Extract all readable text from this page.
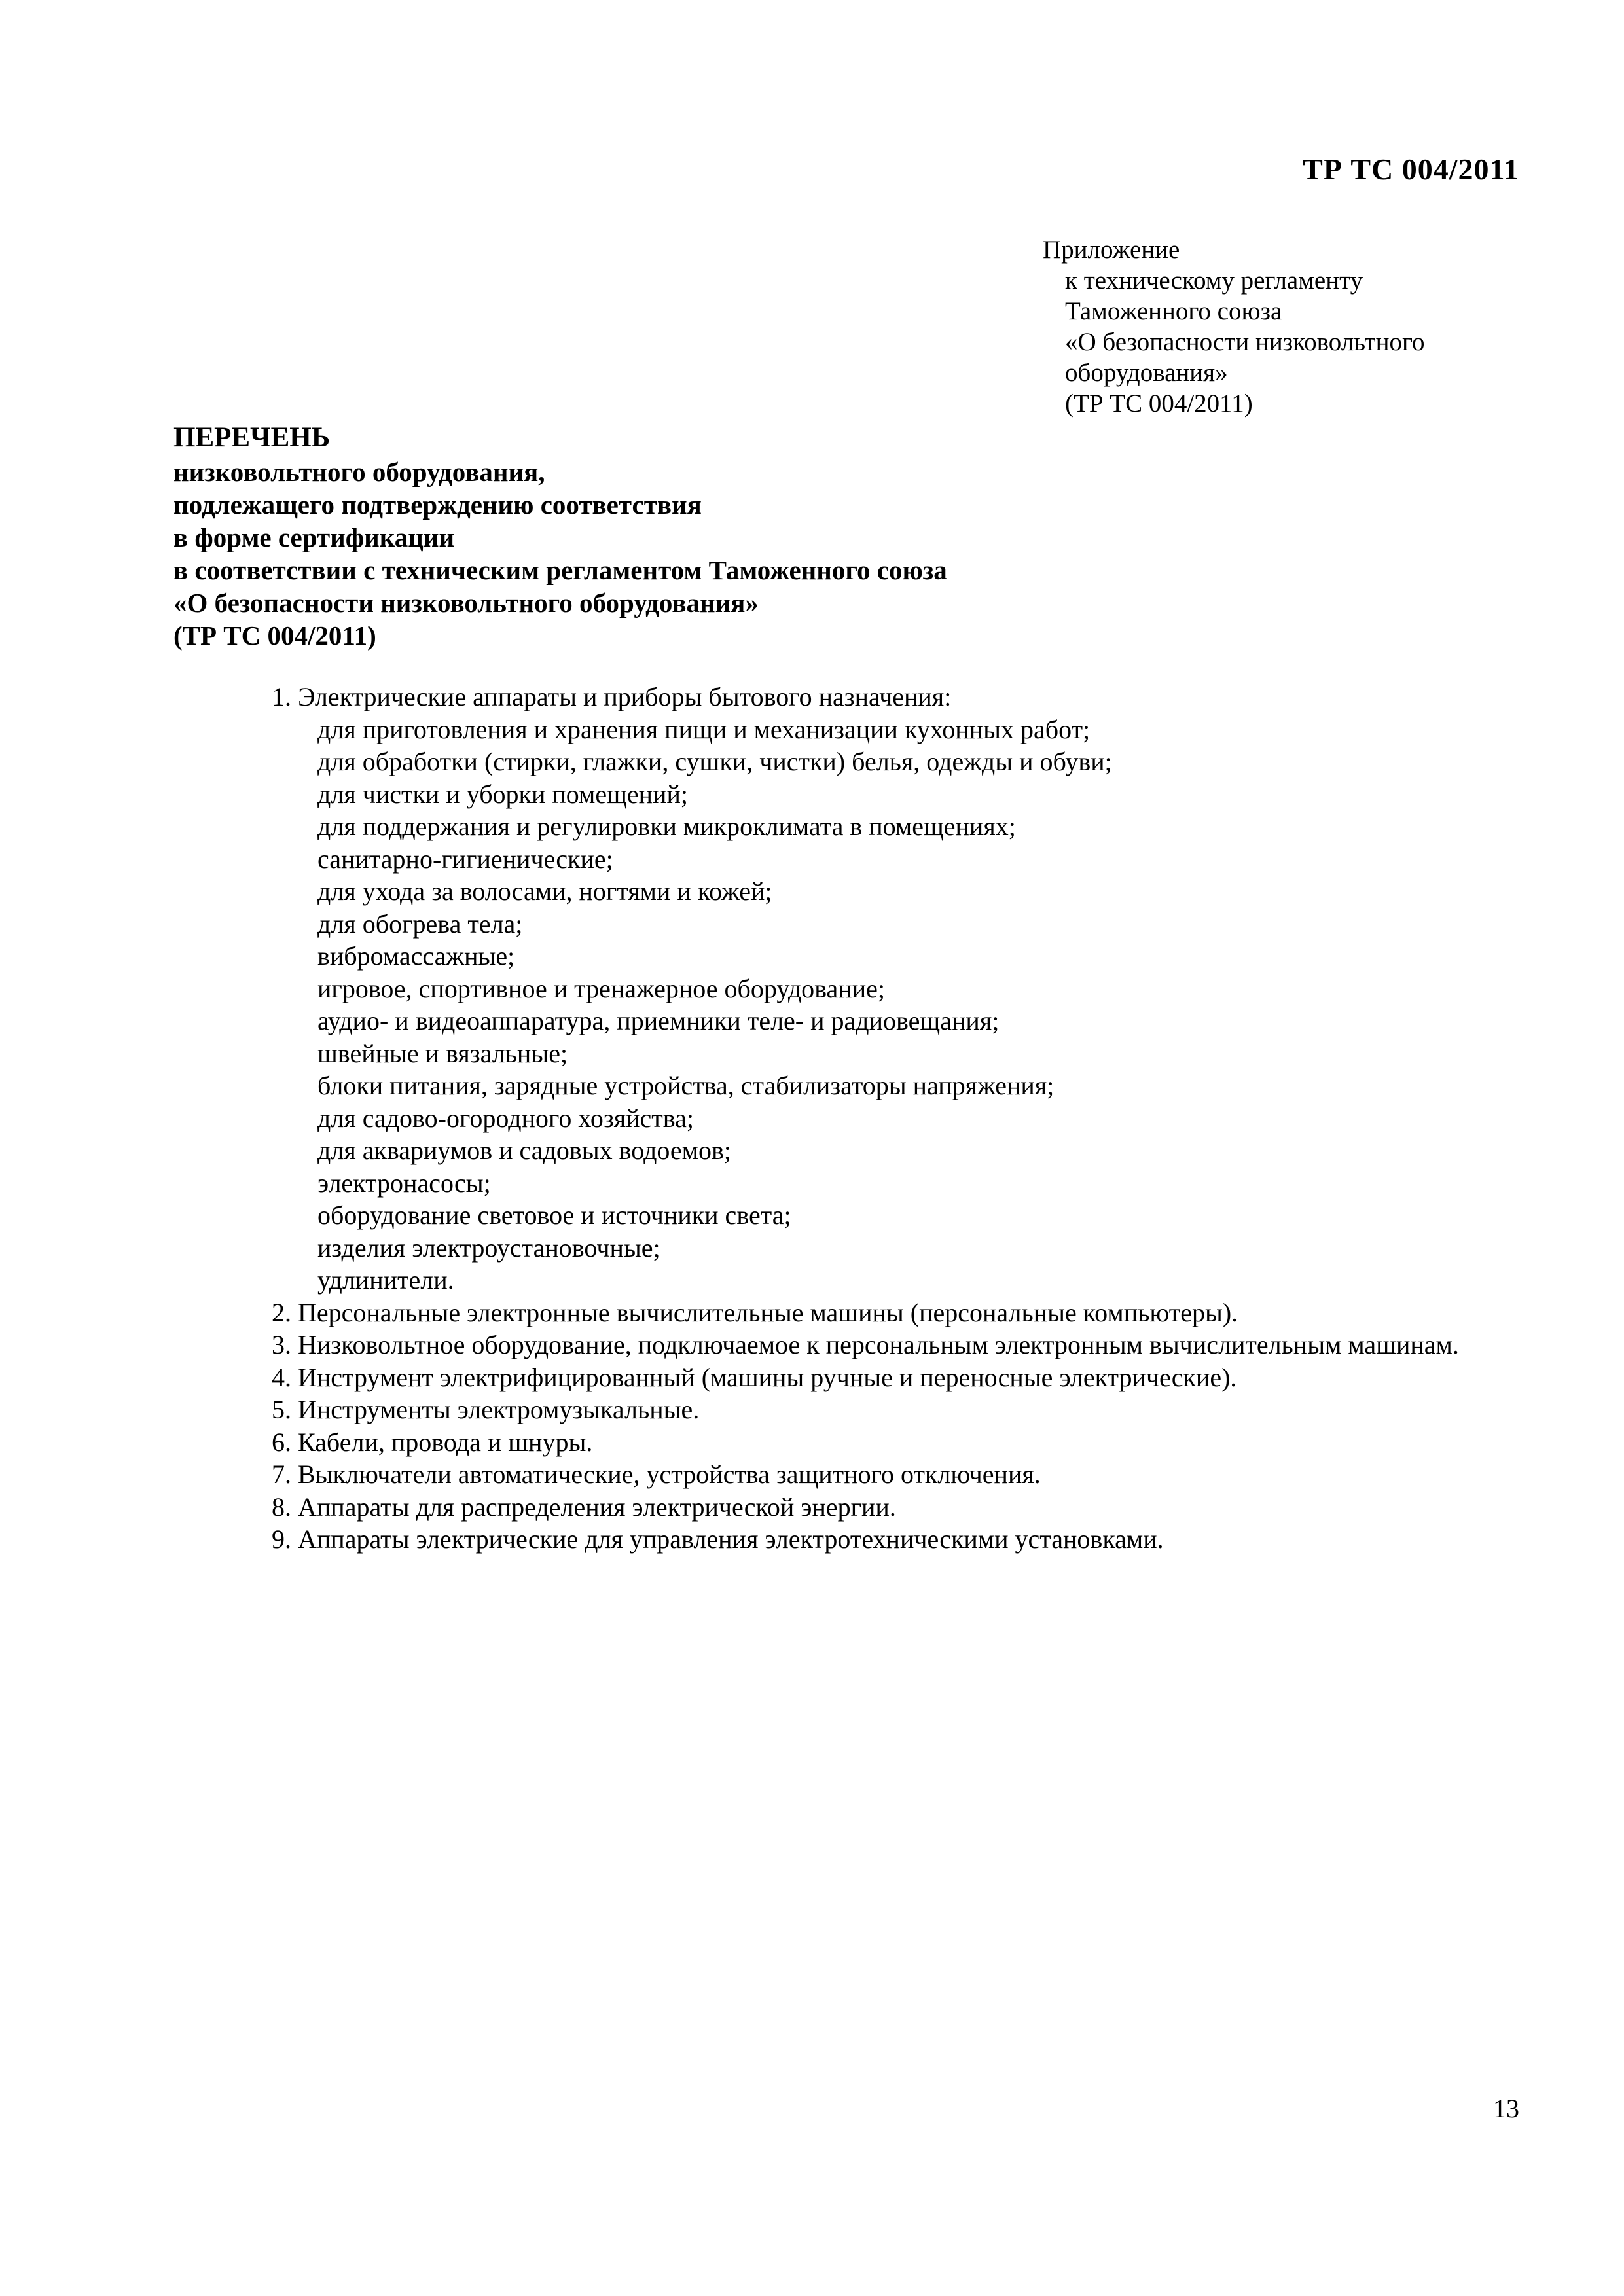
ТР ТС 004/2011
Приложение
к техническому регламенту
Таможенного союза
«О безопасности низковольтного
оборудования»
(ТР ТС 004/2011)
ПЕРЕЧЕНЬ
низковольтного оборудования,
подлежащего подтверждению соответствия
в форме сертификации
в соответствии с техническим регламентом Таможенного союза
«О безопасности низковольтного оборудования»
(ТР ТС 004/2011)
1. Электрические аппараты и приборы бытового назначения:
для приготовления и хранения пищи и механизации кухонных работ;
для обработки (стирки, глажки, сушки, чистки) белья, одежды и обуви;
для чистки и уборки помещений;
для поддержания и регулировки микроклимата в помещениях;
санитарно-гигиенические;
для ухода за волосами, ногтями и кожей;
для обогрева тела;
вибромассажные;
игровое, спортивное и тренажерное оборудование;
аудио- и видеоаппаратура, приемники теле- и радиовещания;
швейные и вязальные;
блоки питания, зарядные устройства, стабилизаторы напряжения;
для садово-огородного хозяйства;
для аквариумов и садовых водоемов;
электронасосы;
оборудование световое и источники света;
изделия электроустановочные;
удлинители.
2. Персональные электронные вычислительные машины (персональные компьютеры).
3. Низковольтное оборудование, подключаемое к персональным электронным вычислительным машинам.
4. Инструмент электрифицированный (машины ручные и переносные электрические).
5. Инструменты электромузыкальные.
6. Кабели, провода и шнуры.
7. Выключатели автоматические, устройства защитного отключения.
8. Аппараты для распределения электрической энергии.
9. Аппараты электрические для управления электротехническими установками.
13
